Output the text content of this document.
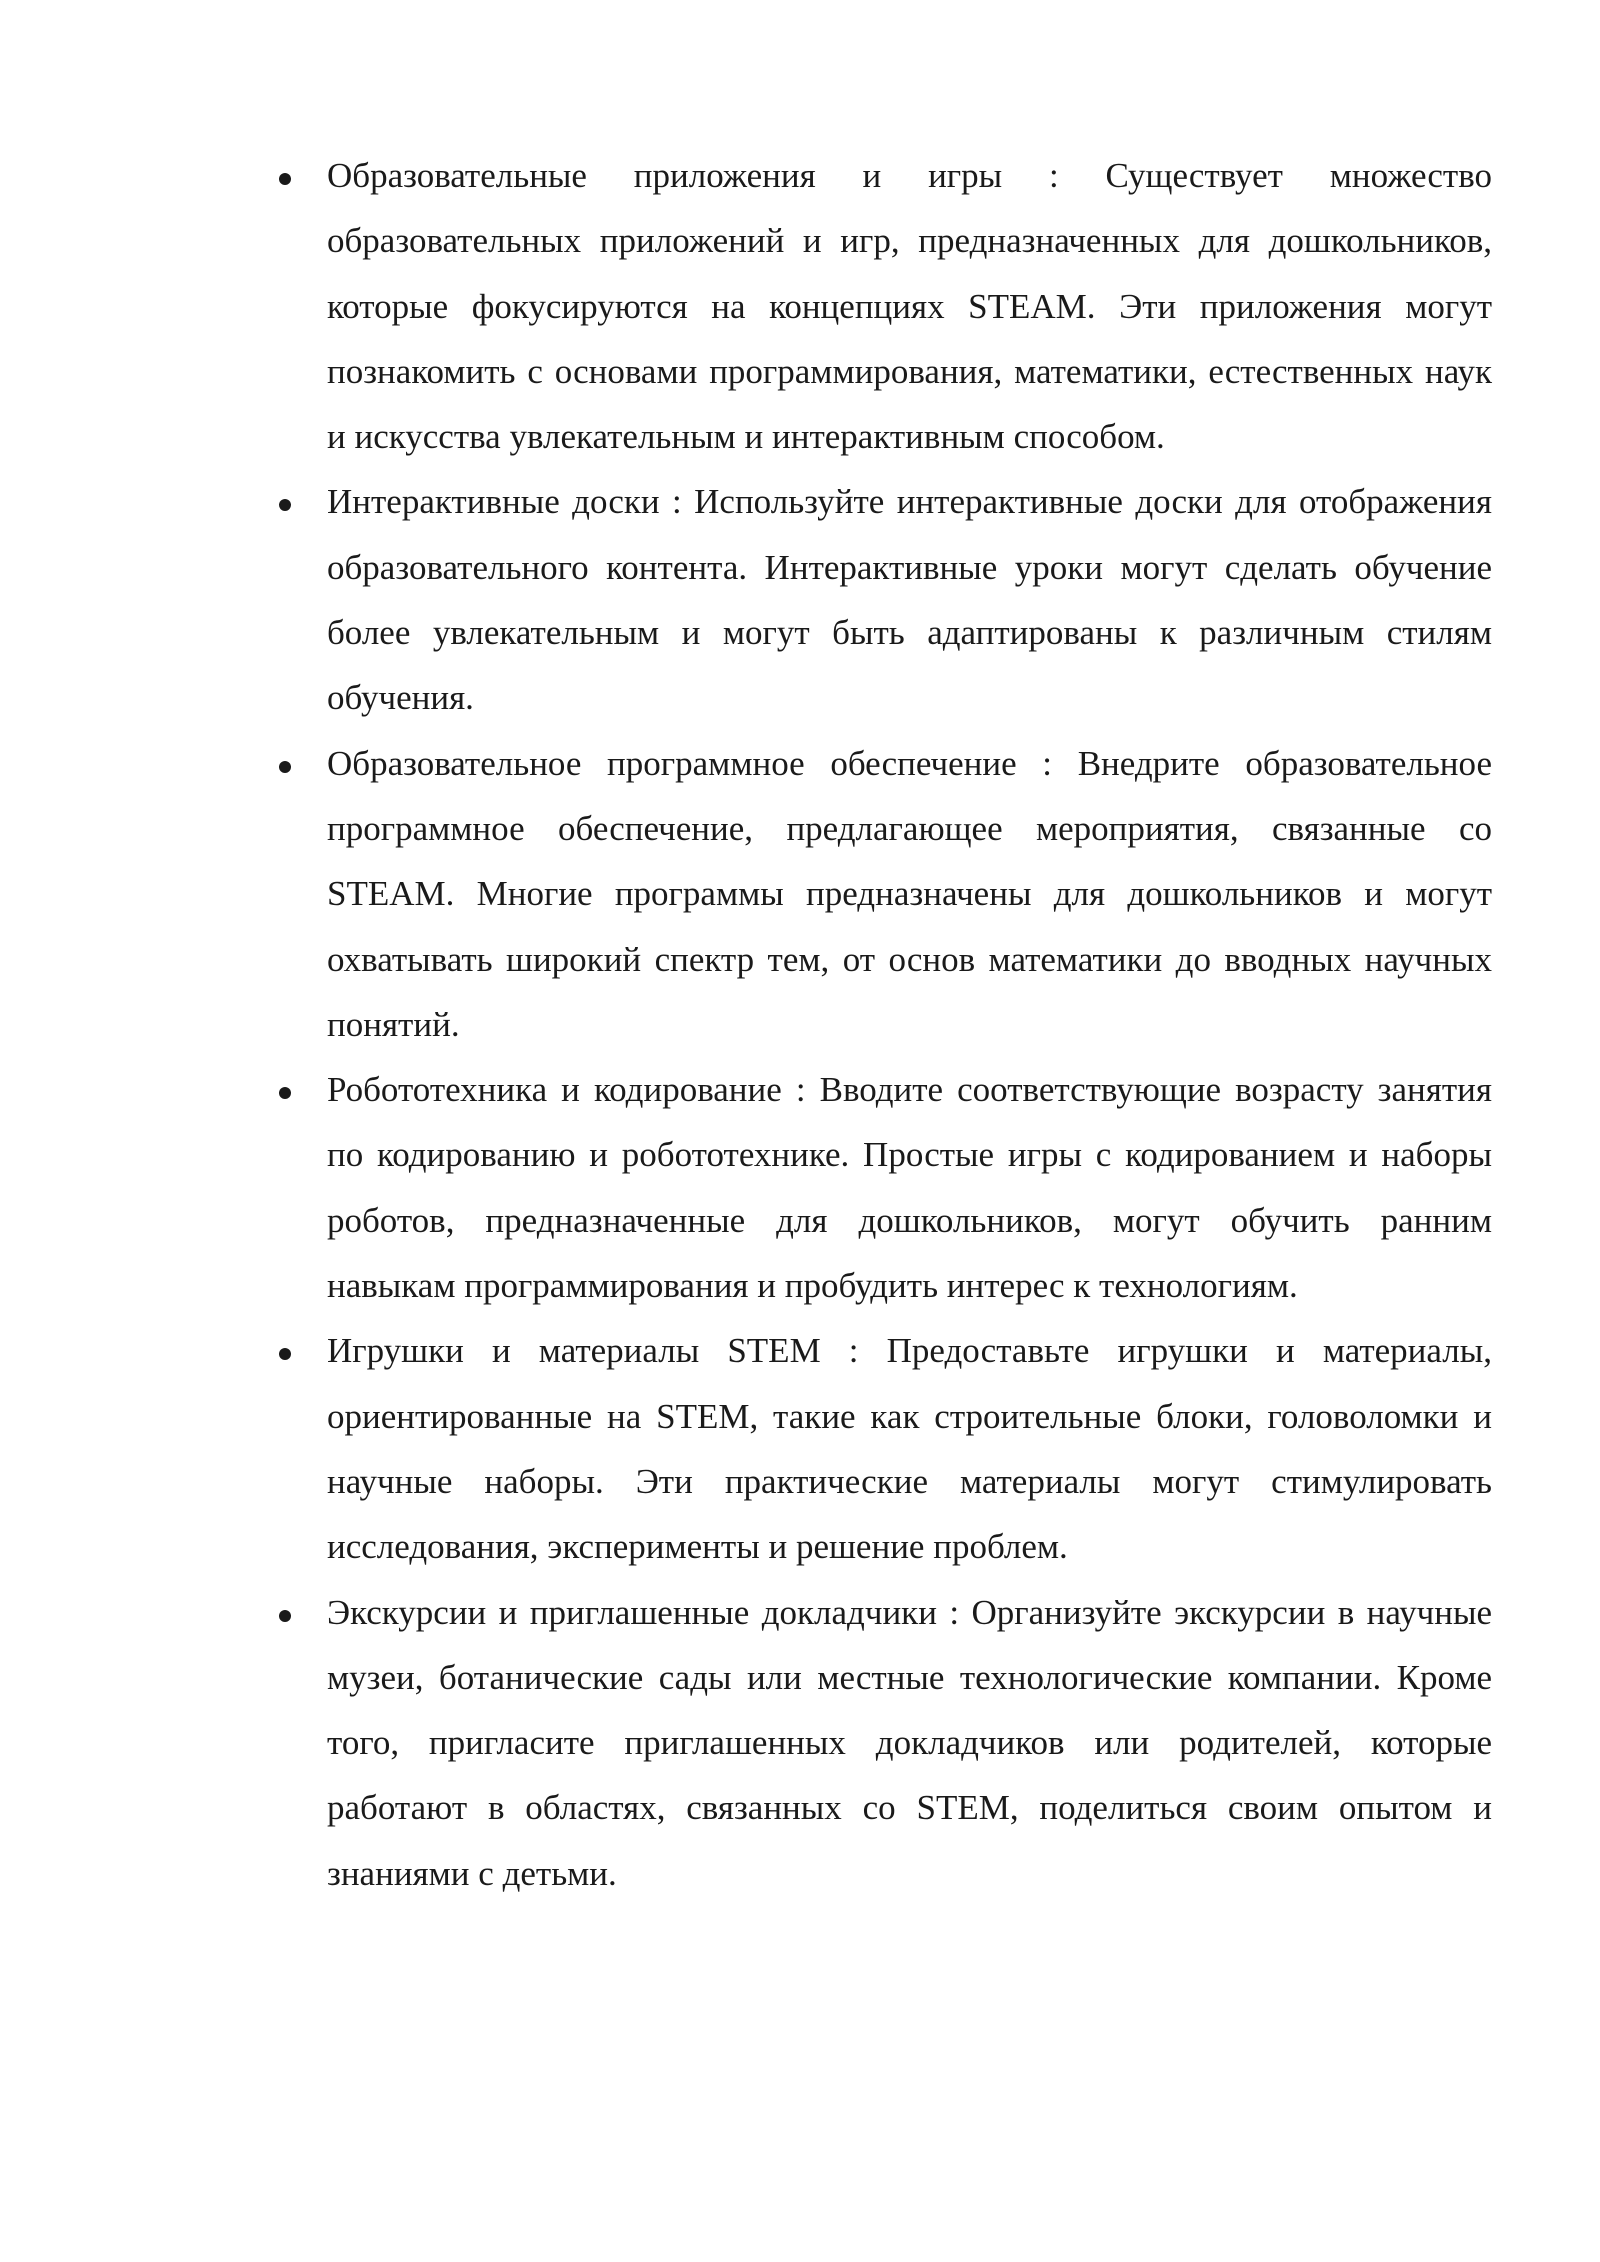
Образовательные приложения и игры : Существует множество образовательных приложений и игр, предназначенных для дошкольников, которые фокусируются на концепциях STEAM. Эти приложения могут познакомить с основами программирования, математики, естественных наук и искусства увлекательным и интерактивным способом.

Интерактивные доски : Используйте интерактивные доски для отображения образовательного контента. Интерактивные уроки могут сделать обучение более увлекательным и могут быть адаптированы к различным стилям обучения.

Образовательное программное обеспечение : Внедрите образовательное программное обеспечение, предлагающее мероприятия, связанные со STEAM. Многие программы предназначены для дошкольников и могут охватывать широкий спектр тем, от основ математики до вводных научных понятий.

Робототехника и кодирование : Вводите соответствующие возрасту занятия по кодированию и робототехнике. Простые игры с кодированием и наборы роботов, предназначенные для дошкольников, могут обучить ранним навыкам программирования и пробудить интерес к технологиям.

Игрушки и материалы STEM : Предоставьте игрушки и материалы, ориентированные на STEM, такие как строительные блоки, головоломки и научные наборы. Эти практические материалы могут стимулировать исследования, эксперименты и решение проблем.

Экскурсии и приглашенные докладчики : Организуйте экскурсии в научные музеи, ботанические сады или местные технологические компании. Кроме того, пригласите приглашенных докладчиков или родителей, которые работают в областях, связанных со STEM, поделиться своим опытом и знаниями с детьми.
